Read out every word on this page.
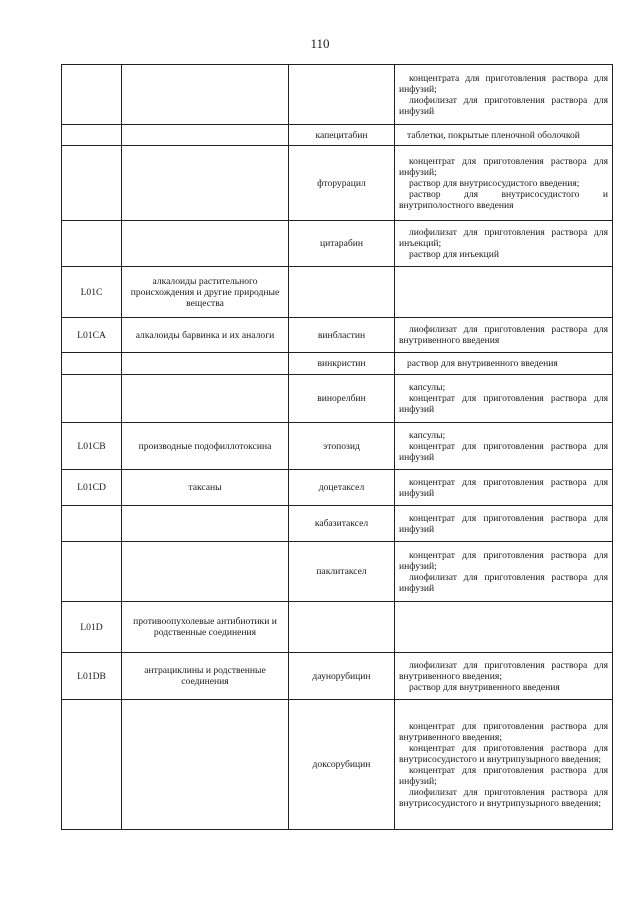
110

			концентрата для приготовления раствора для инфузий;
лиофилизат для приготовления раствора для инфузий

		капецитабин	таблетки, покрытые пленочной оболочкой

		фторурацил	концентрат для приготовления раствора для инфузий;
раствор для внутрисосудистого введения;
раствор для внутрисосудистого и внутриполостного введения

		цитарабин	лиофилизат для приготовления раствора для инъекций;
раствор для инъекций

L01C	алкалоиды растительного происхождения и другие природные вещества		
L01CA	алкалоиды барвинка и их аналоги	винбластин	лиофилизат для приготовления раствора для внутривенного введения

		винкристин	раствор для внутривенного введения

		винорелбин	капсулы;
концентрат для приготовления раствора для инфузий

L01CB	производные подофиллотоксина	этопозид	капсулы;
концентрат для приготовления раствора для инфузий

L01CD	таксаны	доцетаксел	концентрат для приготовления раствора для инфузий

		кабазитаксел	концентрат для приготовления раствора для инфузий

		паклитаксел	концентрат для приготовления раствора для инфузий;
лиофилизат для приготовления раствора для инфузий

L01D	противоопухолевые антибиотики и родственные соединения		
L01DB	антрациклины и родственные соединения	даунорубицин	лиофилизат для приготовления раствора для внутривенного введения;
раствор для внутривенного введения

		доксорубицин	концентрат для приготовления раствора для внутривенного введения;
концентрат для приготовления раствора для внутрисосудистого и внутрипузырного введения;
концентрат для приготовления раствора для инфузий;
лиофилизат для приготовления раствора для внутрисосудистого и внутрипузырного введения;
